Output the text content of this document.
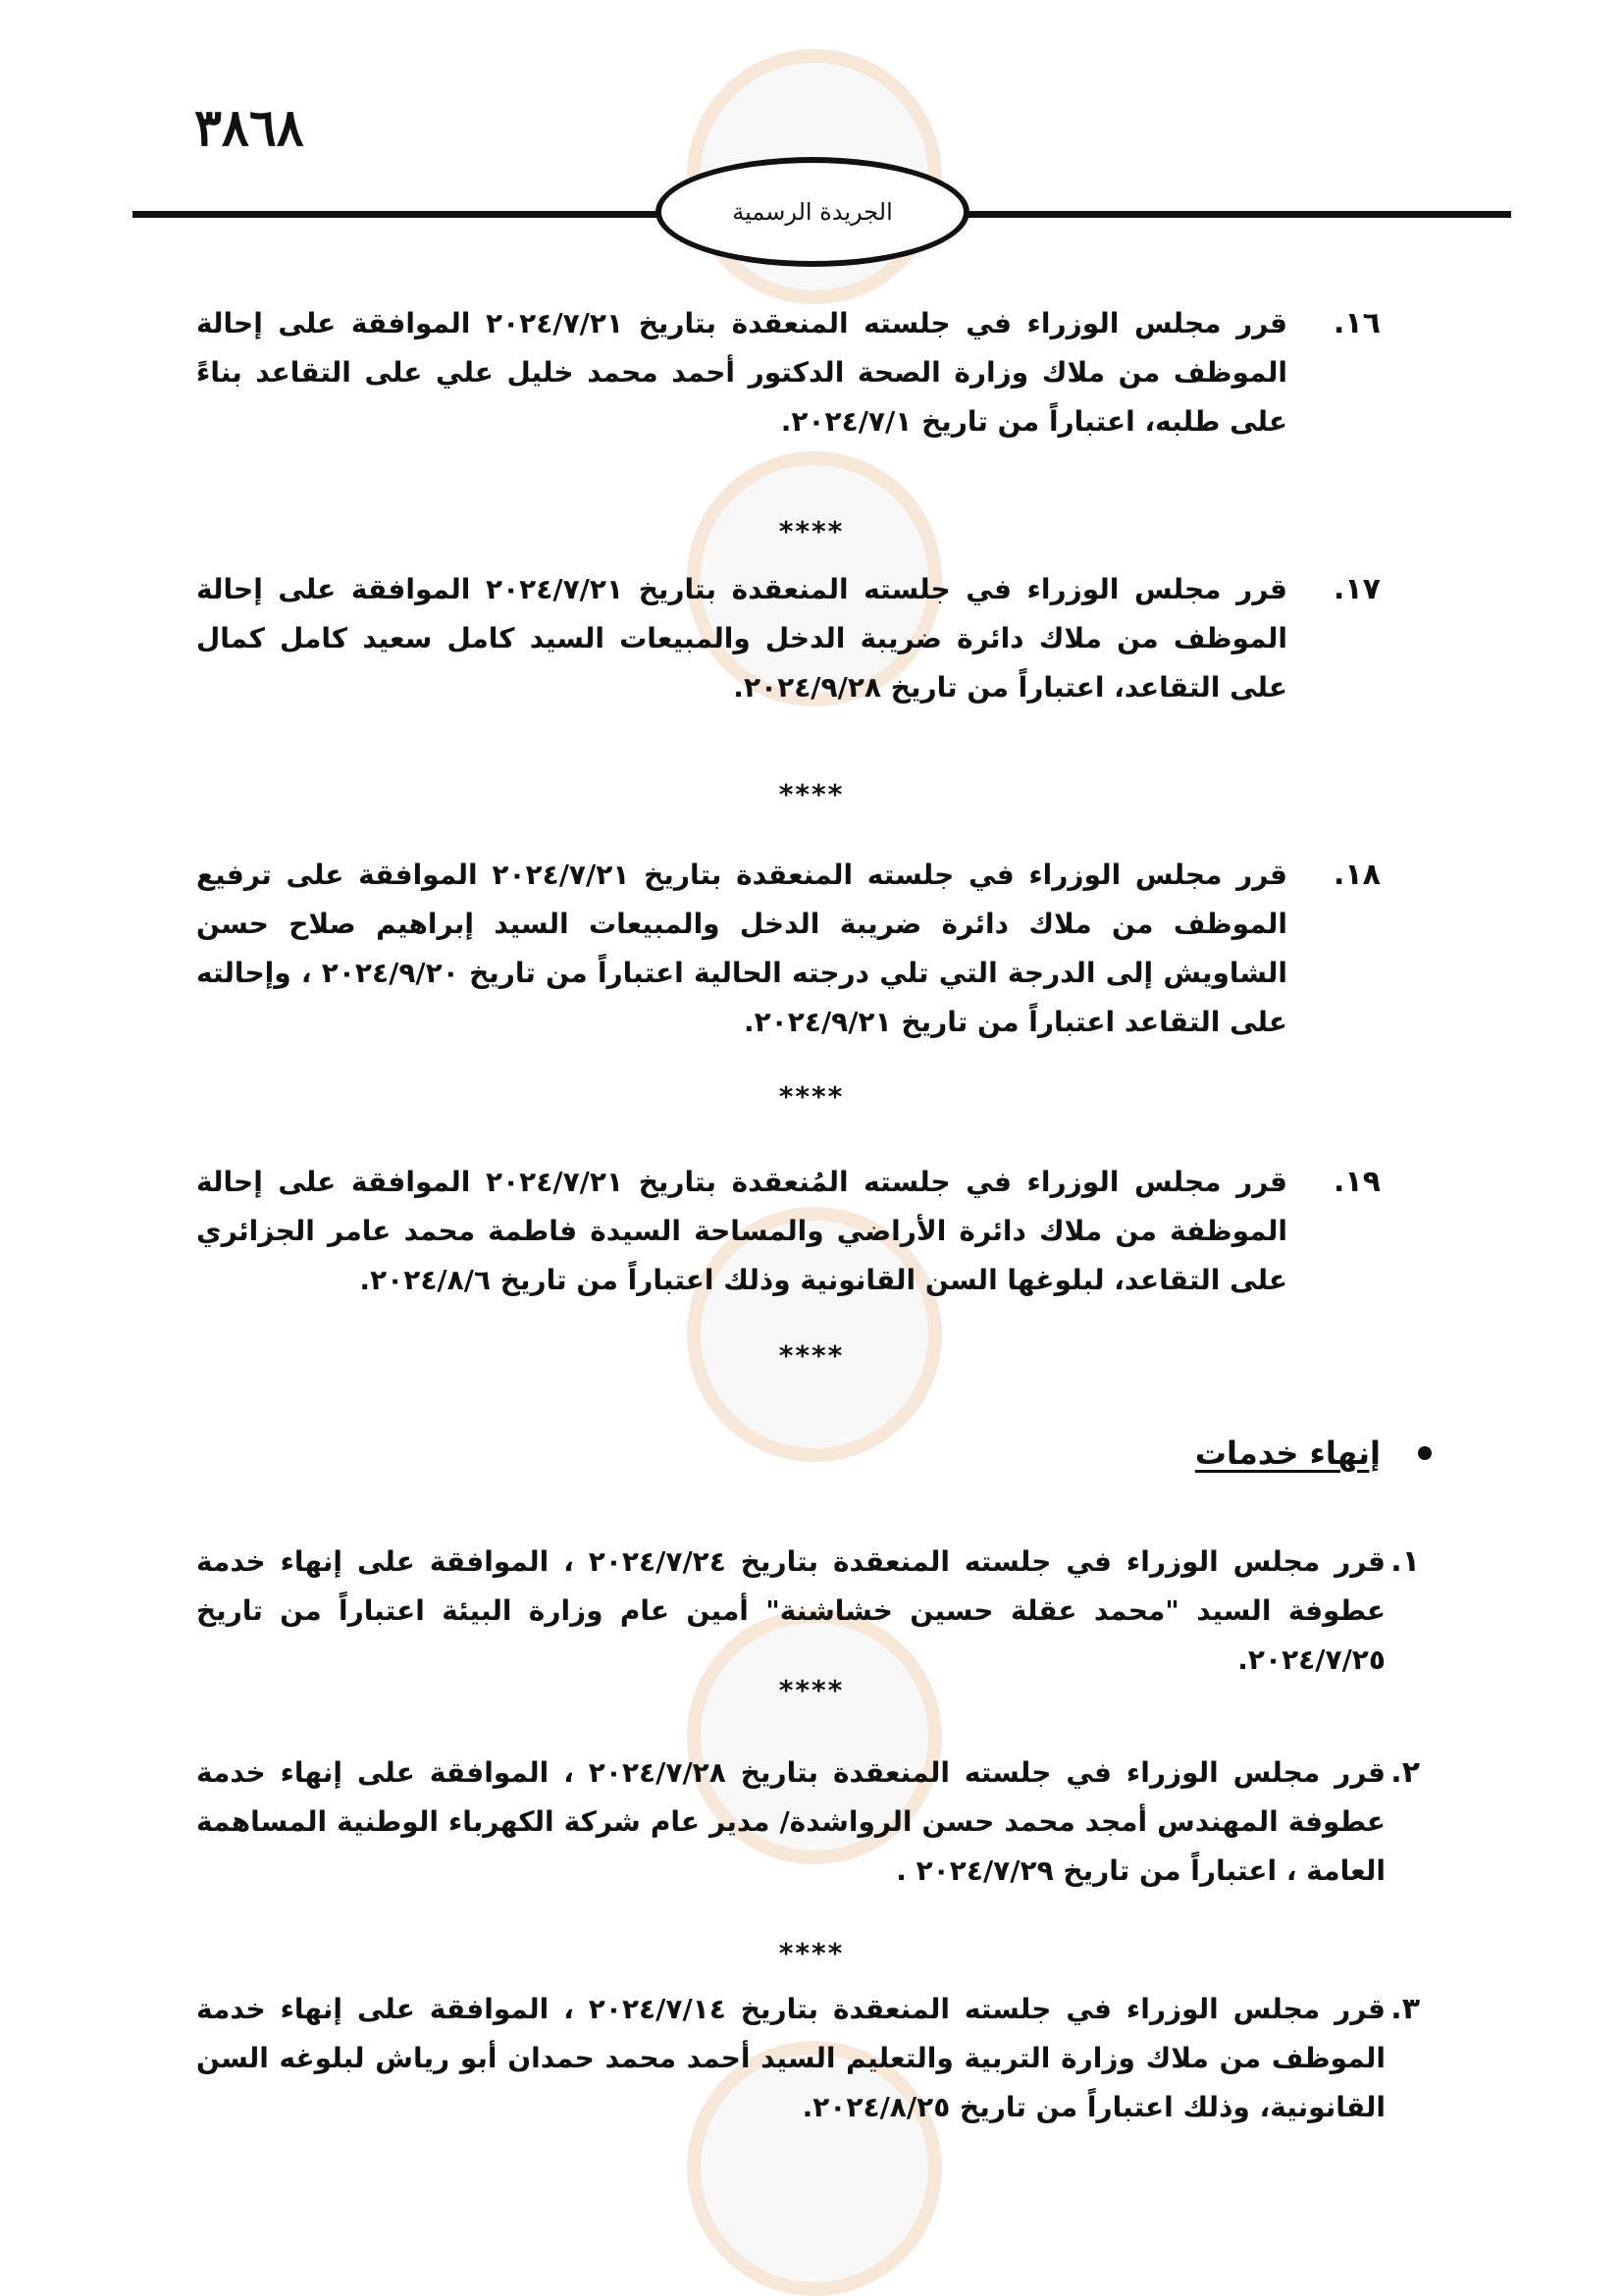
٣٨٦٨
الجريدة الرسمية
١٦.
قرر مجلس الوزراء في جلسته المنعقدة بتاريخ ٢٠٢٤/٧/٢١ الموافقة على إحالة الموظف من ملاك وزارة الصحة الدكتور أحمد محمد خليل علي على التقاعد بناءً على طلبه، اعتباراً من تاريخ ٢٠٢٤/٧/١.
****
١٧.
قرر مجلس الوزراء في جلسته المنعقدة بتاريخ ٢٠٢٤/٧/٢١ الموافقة على إحالة الموظف من ملاك دائرة ضريبة الدخل والمبيعات السيد كامل سعيد كامل كمال على التقاعد، اعتباراً من تاريخ ٢٠٢٤/٩/٢٨.
****
١٨.
قرر مجلس الوزراء في جلسته المنعقدة بتاريخ ٢٠٢٤/٧/٢١ الموافقة على ترفيع الموظف من ملاك دائرة ضريبة الدخل والمبيعات السيد إبراهيم صلاح حسن الشاويش إلى الدرجة التي تلي درجته الحالية اعتباراً من تاريخ ٢٠٢٤/٩/٢٠ ، وإحالته على التقاعد اعتباراً من تاريخ ٢٠٢٤/٩/٢١.
****
١٩.
قرر مجلس الوزراء في جلسته المُنعقدة بتاريخ ٢٠٢٤/٧/٢١ الموافقة على إحالة الموظفة من ملاك دائرة الأراضي والمساحة السيدة فاطمة محمد عامر الجزائري على التقاعد، لبلوغها السن القانونية وذلك اعتباراً من تاريخ ٢٠٢٤/٨/٦.
****
إنهاء خدمات
١.
قرر مجلس الوزراء في جلسته المنعقدة بتاريخ ٢٠٢٤/٧/٢٤ ، الموافقة على إنهاء خدمة عطوفة السيد "محمد عقلة حسين خشاشنة" أمين عام وزارة البيئة اعتباراً من تاريخ ٢٠٢٤/٧/٢٥.
****
٢.
قرر مجلس الوزراء في جلسته المنعقدة بتاريخ ٢٠٢٤/٧/٢٨ ، الموافقة على إنهاء خدمة عطوفة المهندس أمجد محمد حسن الرواشدة/ مدير عام شركة الكهرباء الوطنية المساهمة العامة ، اعتباراً من تاريخ ٢٠٢٤/٧/٢٩ .
****
٣.
قرر مجلس الوزراء في جلسته المنعقدة بتاريخ ٢٠٢٤/٧/١٤ ، الموافقة على إنهاء خدمة الموظف من ملاك وزارة التربية والتعليم السيد أحمد محمد حمدان أبو رياش لبلوغه السن القانونية، وذلك اعتباراً من تاريخ ٢٠٢٤/٨/٢٥.
